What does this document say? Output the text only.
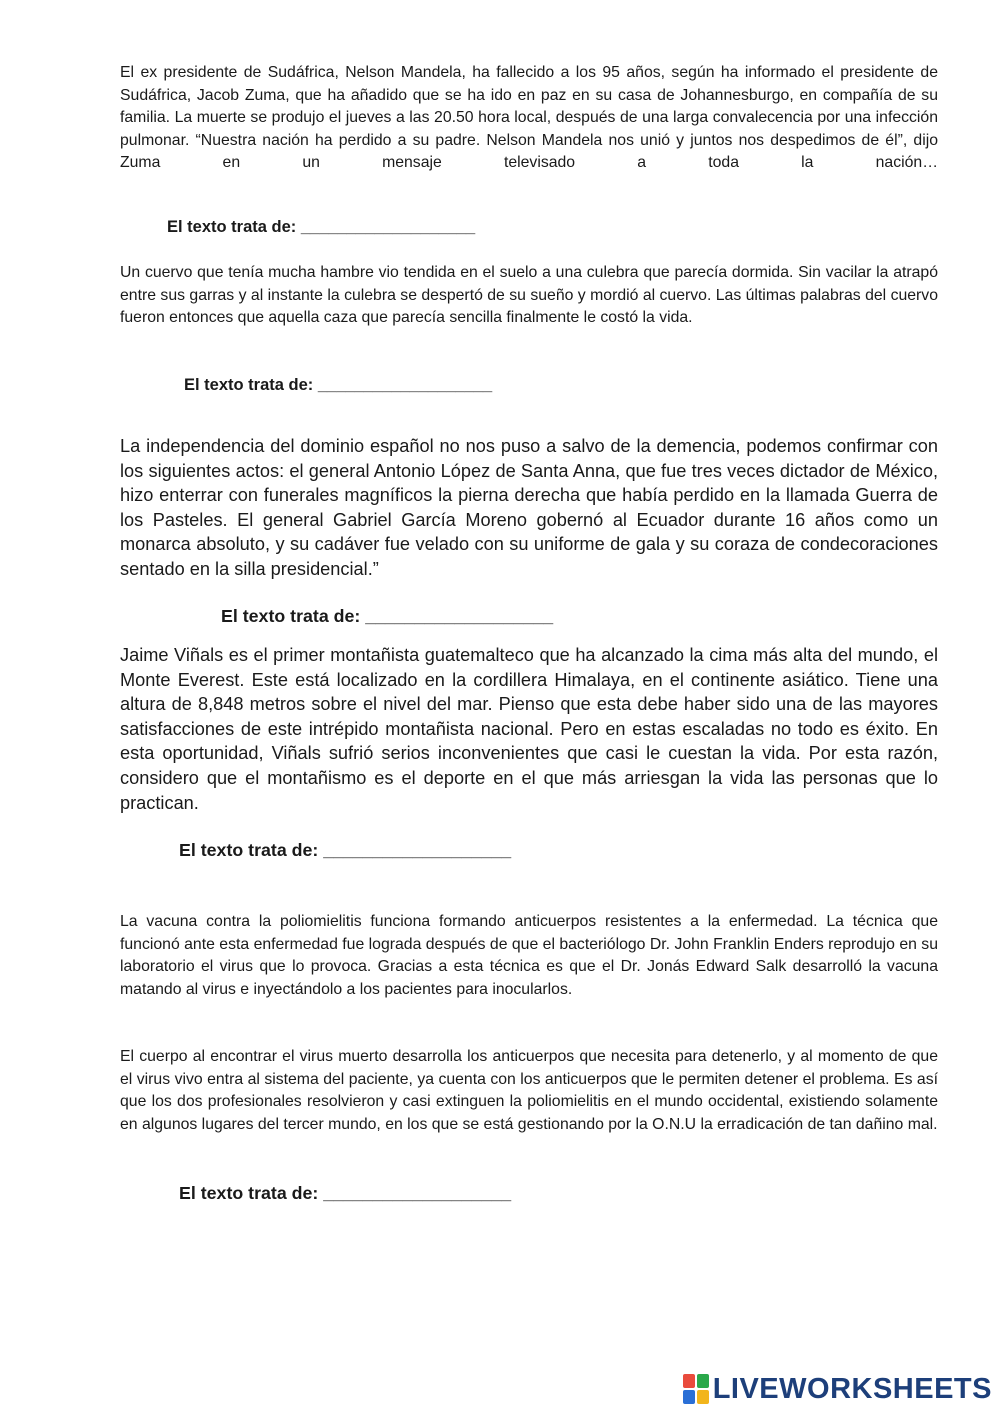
El ex presidente de Sudáfrica, Nelson Mandela, ha fallecido a los 95 años, según ha informado el presidente de Sudáfrica, Jacob Zuma, que ha añadido que se ha ido en paz en su casa de Johannesburgo, en compañía de su familia. La muerte se produjo el jueves a las 20.50 hora local, después de una larga convalecencia por una infección pulmonar. “Nuestra nación ha perdido a su padre. Nelson Mandela nos unió y juntos nos despedimos de él”, dijo Zuma en un mensaje televisado a toda la nación…

El texto trata de: ___________________

Un cuervo que tenía mucha hambre vio tendida en el suelo a una culebra que parecía dormida. Sin vacilar la atrapó entre sus garras y al instante la culebra se despertó de su sueño y mordió al cuervo. Las últimas palabras del cuervo fueron entonces que aquella caza que parecía sencilla finalmente le costó la vida.

El texto trata de: ___________________

La independencia del dominio español no nos puso a salvo de la demencia, podemos confirmar con los siguientes actos: el general Antonio López de Santa Anna, que fue tres veces dictador de México, hizo enterrar con funerales magníficos la pierna derecha que había perdido en la llamada Guerra de los Pasteles. El general Gabriel García Moreno gobernó al Ecuador durante 16 años como un monarca absoluto, y su cadáver fue velado con su uniforme de gala y su coraza de condecoraciones sentado en la silla presidencial.”

El texto trata de: ___________________

Jaime Viñals es el primer montañista guatemalteco que ha alcanzado la cima más alta del mundo, el Monte Everest. Este está localizado en la cordillera Himalaya, en el continente asiático. Tiene una altura de 8,848 metros sobre el nivel del mar. Pienso que esta debe haber sido una de las mayores satisfacciones de este intrépido montañista nacional. Pero en estas escaladas no todo es éxito. En esta oportunidad, Viñals sufrió serios inconvenientes que casi le cuestan la vida. Por esta razón, considero que el montañismo es el deporte en el que más arriesgan la vida las personas que lo practican.

El texto trata de: ___________________

La vacuna contra la poliomielitis funciona formando anticuerpos resistentes a la enfermedad. La técnica que funcionó ante esta enfermedad fue lograda después de que el bacteriólogo Dr. John Franklin Enders reprodujo en su laboratorio el virus que lo provoca. Gracias a esta técnica es que el Dr. Jonás Edward Salk desarrolló la vacuna matando al virus e inyectándolo a los pacientes para inocularlos.

El cuerpo al encontrar el virus muerto desarrolla los anticuerpos que necesita para detenerlo, y al momento de que el virus vivo entra al sistema del paciente, ya cuenta con los anticuerpos que le permiten detener el problema. Es así que los dos profesionales resolvieron y casi extinguen la poliomielitis en el mundo occidental, existiendo solamente en algunos lugares del tercer mundo, en los que se está gestionando por la O.N.U la erradicación de tan dañino mal.

El texto trata de: ___________________

LIVEWORKSHEETS
